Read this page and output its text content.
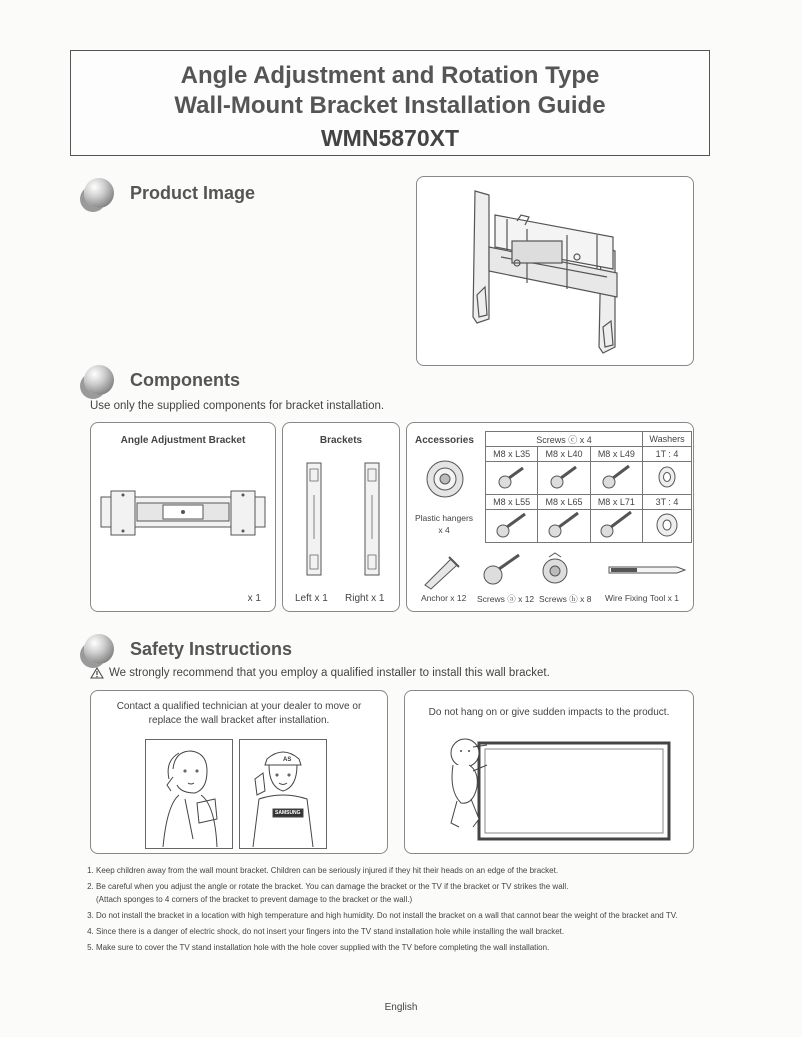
Angle Adjustment and Rotation Type
Wall-Mount Bracket Installation Guide
WMN5870XT
Product Image
Components
Use only the supplied components for bracket installation.
Angle Adjustment Bracket
x 1
Brackets
Left x 1 Right x 1
Accessories
Plastic hangers
x 4
Screws ⓒ x 4			Washers
M8 x L35	M8 x L40	M8 x L49	1T : 4

M8 x L55	M8 x L65	M8 x L71	3T : 4

Anchor x 12 Screws ⓐ x 12 Screws ⓑ x 8 Wire Fixing Tool x 1
Safety Instructions
We strongly recommend that you employ a qualified installer to install this wall bracket.
Contact a qualified technician at your dealer to move or
replace the wall bracket after installation.
AS
SAMSUNG
Do not hang on or give sudden impacts to the product.
1. Keep children away from the wall mount bracket. Children can be seriously injured if they hit their heads on an edge of the bracket.
2. Be careful when you adjust the angle or rotate the bracket. You can damage the bracket or the TV if the bracket or TV strikes the wall.
(Attach sponges to 4 corners of the bracket to prevent damage to the bracket or the wall.)
3. Do not install the bracket in a location with high temperature and high humidity. Do not install the bracket on a wall that cannot bear the weight of the bracket and TV.
4. Since there is a danger of electric shock, do not insert your fingers into the TV stand installation hole while installing the wall bracket.
5. Make sure to cover the TV stand installation hole with the hole cover supplied with the TV before completing the wall installation.
English
